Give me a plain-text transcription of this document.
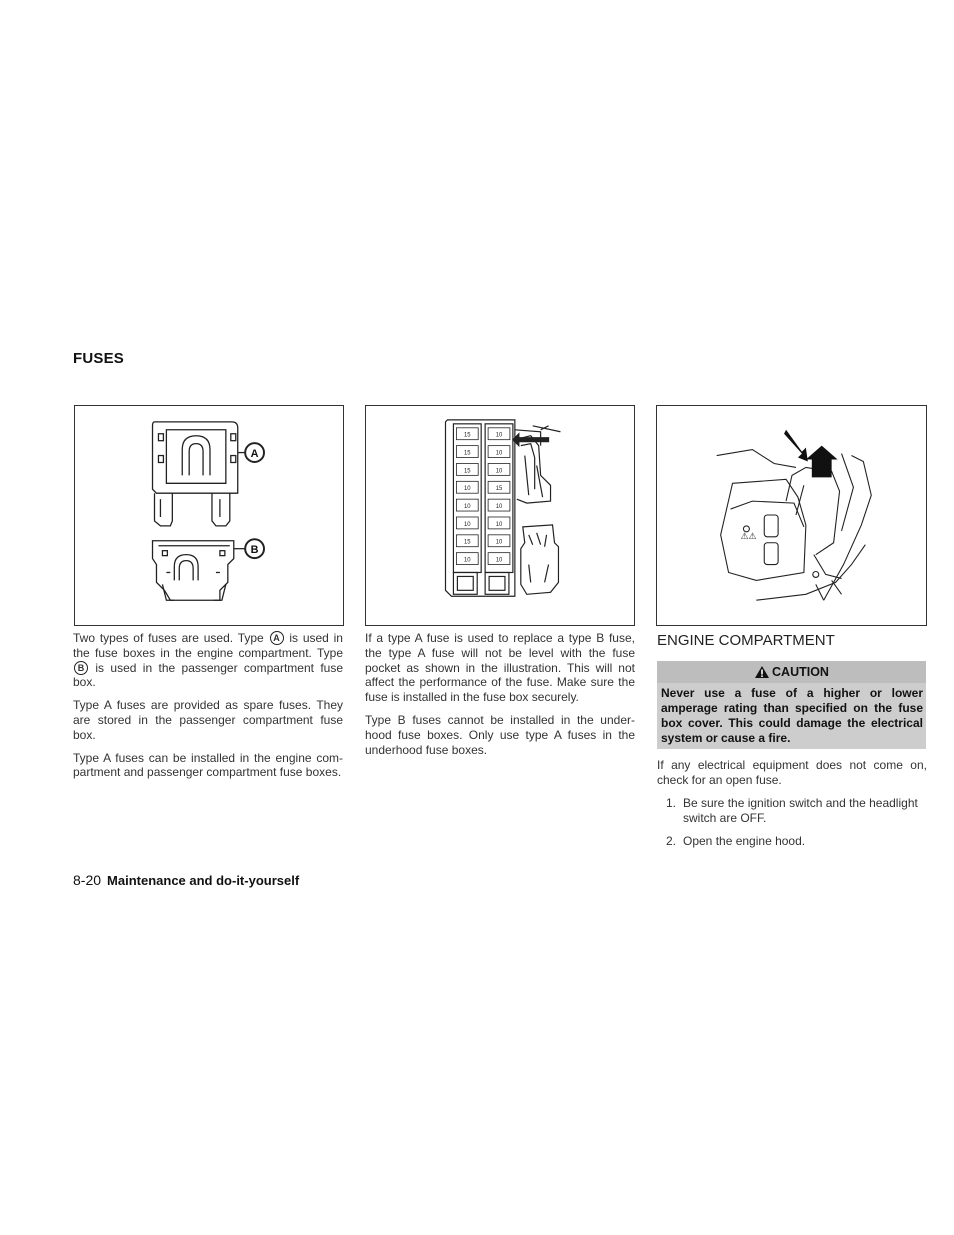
FUSES
A
B
15
15
15
10
10
10
15
10
10
10
10
15
10
10
10
10
⚠⚠

Two types of fuses are used. Type A is used in the fuse boxes in the engine compartment. Type B is used in the passenger compartment fuse box.

Type A fuses are provided as spare fuses. They are stored in the passenger compartment fuse box.

Type A fuses can be installed in the engine com-partment and passenger compartment fuse boxes.

If a type A fuse is used to replace a type B fuse, the type A fuse will not be level with the fuse pocket as shown in the illustration. This will not affect the performance of the fuse. Make sure the fuse is installed in the fuse box securely.

Type B fuses cannot be installed in the under-hood fuse boxes. Only use type A fuses in the underhood fuse boxes.

ENGINE COMPARTMENT
CAUTION
Never use a fuse of a higher or lower amperage rating than specified on the fuse box cover. This could damage the electrical system or cause a fire.

If any electrical equipment does not come on, check for an open fuse.

1. Be sure the ignition switch and the headlight switch are OFF.
2. Open the engine hood.
8-20 Maintenance and do-it-yourself
